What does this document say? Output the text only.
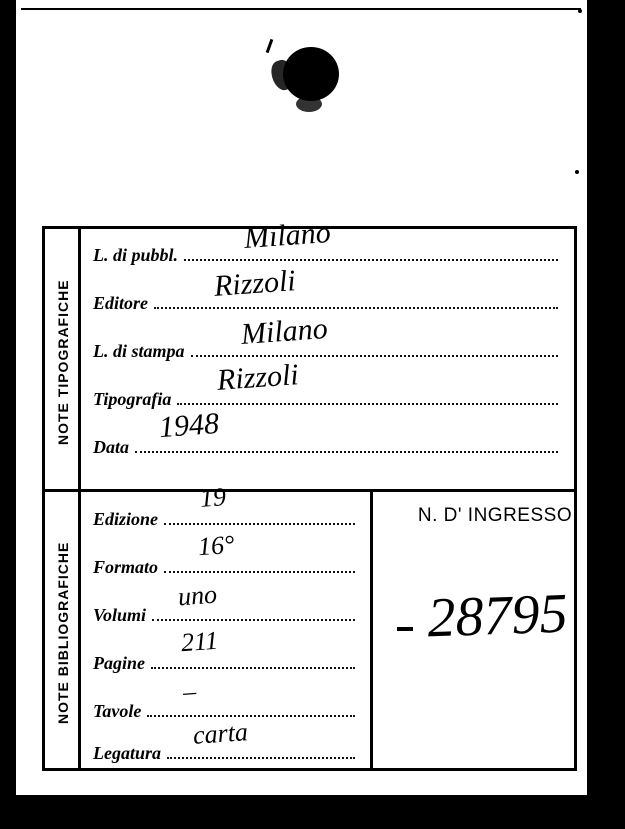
NOTE TIPOGRAFICHE
NOTE BIBLIOGRAFICHE
L. di pubbl.
Milano
Editore
Rizzoli
L. di stampa
Milano
Tipografia
Rizzoli
Data
1948
Edizione
19
Formato
16°
Volumi
uno
Pagine
211
Tavole
–
Legatura
carta
N. D' INGRESSO
28795
